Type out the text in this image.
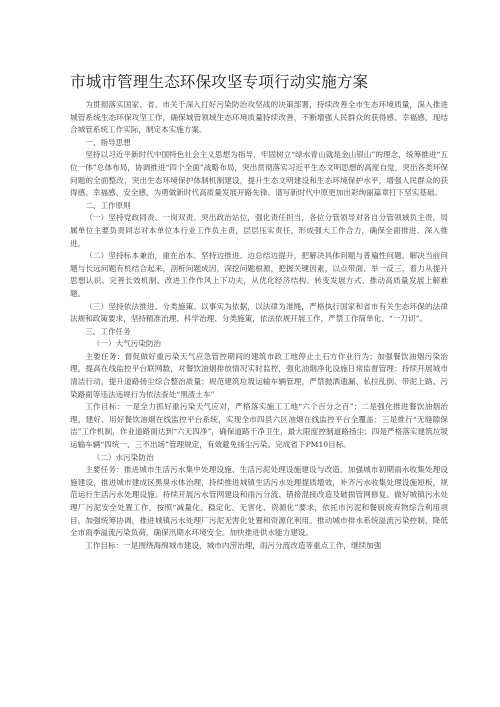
市城市管理生态环保攻坚专项行动实施方案

为贯彻落实国家、省、市关于深入打好污染防治攻坚战的决策部署，持续改善全市生态环境质量，深入推进城管系统生态环保攻坚工作，确保城管领域生态环境质量持续改善，不断增强人民群众的获得感、幸福感，现结合城管系统工作实际，制定本实施方案。

一、指导思想

坚持以习近平新时代中国特色社会主义思想为指导，牢固树立“绿水青山就是金山银山”的理念，统筹推进“五位一体”总体布局，协调推进“四个全面”战略布局，突出贯彻落实习近平生态文明思想的高度自觉，突出各类环保问题的全面整改，突出生态环境保护体制机制建设，提升生态文明建设和生态环境保护水平，增强人民群众的获得感、幸福感、安全感，为勇做新时代高质量发展开路先锋、谱写新时代中原更加出彩绚丽篇章打下坚实基础。

二、工作原则

（一）坚持党政同责、一岗双责。突出政治站位，强化责任担当，各位分管领导对各自分管领域负主责，局属单位主要负责同志对本单位本行业工作负主责，层层压实责任，形成强大工作合力，确保全面推进、深入推进。

（二）坚持标本兼治，重在治本。坚持边推进、边总结边提升，把解决具体问题与普遍性问题、解决当前问题与长远问题有机结合起来，剖析问题成因，深挖问题根源，把握关键因素，以点带面、举一反三，着力从提升思想认识、完善长效机制、改进工作作风上下功夫，从优化经济结构、转变发展方式、推动高质量发展上解难题。

（三）坚持依法推进、分类施策。以事实为依据，以法律为准绳，严格执行国家和省市有关生态环保的法律法规和政策要求，坚持精准治理、科学治理、分类施策，依法依规开展工作，严禁工作简单化、“一刀切”。

三、工作任务

（一）大气污染防治

主要任务：督促做好重污染天气应急管控期间的建筑市政工地停止土石方作业行为；加强餐饮油烟污染治理，提高在线监控平台联网数，对餐饮油烟排放情况实时监控，强化油烟净化设施日常监督管理；持续开展城市清洁行动，提升道路扬尘综合整治质量；规范建筑垃圾运输车辆管理，严禁抛洒遗漏、私拉乱倒、带泥上路、污染路面等违法违规行为依法查处“黑渣土车”

工作目标：一是全力抓好重污染天气应对，严格落实施工工地“六个百分之百”；二是强化推进餐饮油烟治理，建好、用好餐饮油烟在线监控平台系统，实现全市四县六区油烟在线监控平台全覆盖；三是推行“无缝隙保洁”工作机制，作业道路面达到“六无四净”，确保道路干净卫生，最大限度控制道路扬尘；四是严格落实建筑垃圾运输车辆“四统一、三不出场”管理规定，有效避免扬尘污染。完成省下PM10目标。

（二）水污染防治

主要任务：推进城市生活污水集中处理设施、生活污泥处理设施建设与改造，加强城市初期雨水收集处理设施建设，推进城市建成区黑臭水体治理，持续推进城镇生活污水处理提质增效，补齐污水收集处理设施短板，规范运行生活污水处理设施。持续开展污水管网建设和雨污分流、错接混接改造及破损管网修复。做好城镇污水处理厂污泥安全处置工作，按照“减量化、稳定化、无害化、资源化”要求，依托市污泥和餐厨废弃物综合利用项目，加强统筹协调，推进城镇污水处理厂污泥无害化处置和资源化利用。推动城市排水系统溢流污染控制，降低全市雨季溢流污染负荷，确保汛期水环境安全。加快推进供水能力建设。

工作目标：一是围绕海绵城市建设，城市内涝治理，雨污分流改造等重点工作，继续加强
